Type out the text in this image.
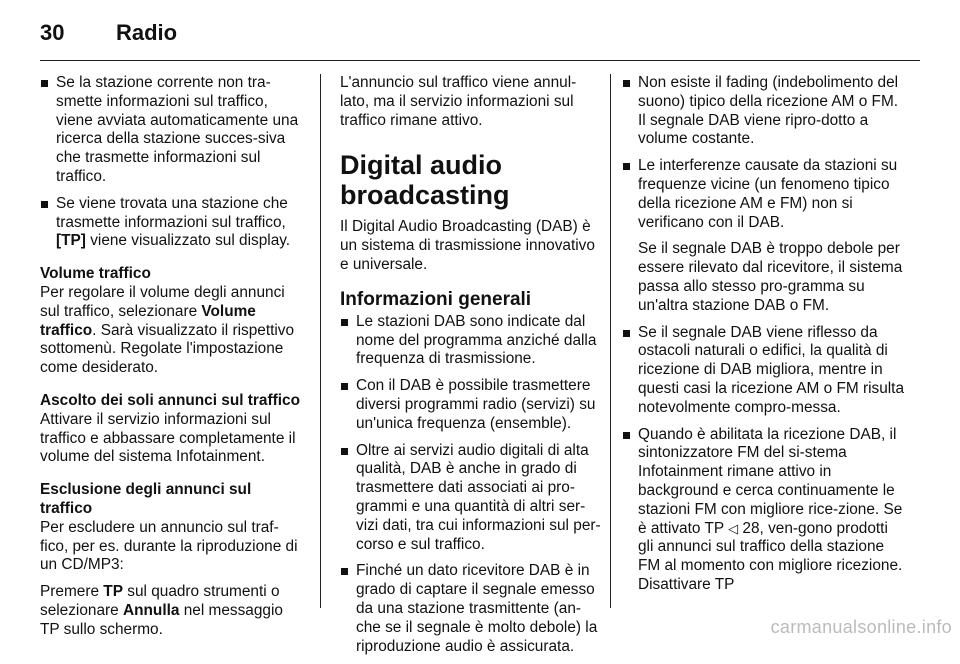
30 Radio
Se la stazione corrente non tra-smette informazioni sul traffico, viene avviata automaticamente una ricerca della stazione succes-siva che trasmette informazioni sul traffico.
Se viene trovata una stazione che trasmette informazioni sul traffico, [TP] viene visualizzato sul display.
Volume traffico
Per regolare il volume degli annunci sul traffico, selezionare Volume traffico. Sarà visualizzato il rispettivo sottomenù. Regolate l'impostazione come desiderato.
Ascolto dei soli annunci sul traffico
Attivare il servizio informazioni sul traffico e abbassare completamente il volume del sistema Infotainment.
Esclusione degli annunci sul traffico
Per escludere un annuncio sul traf-fico, per es. durante la riproduzione di un CD/MP3:
Premere TP sul quadro strumenti o selezionare Annulla nel messaggio TP sullo schermo.
L'annuncio sul traffico viene annul-lato, ma il servizio informazioni sul traffico rimane attivo.
Digital audio broadcasting
Il Digital Audio Broadcasting (DAB) è un sistema di trasmissione innovativo e universale.
Informazioni generali
Le stazioni DAB sono indicate dal nome del programma anziché dalla frequenza di trasmissione.
Con il DAB è possibile trasmettere diversi programmi radio (servizi) su un'unica frequenza (ensemble).
Oltre ai servizi audio digitali di alta qualità, DAB è anche in grado di trasmettere dati associati ai pro-grammi e una quantità di altri ser-vizi dati, tra cui informazioni sul per-corso e sul traffico.
Finché un dato ricevitore DAB è in grado di captare il segnale emesso da una stazione trasmittente (an-che se il segnale è molto debole) la riproduzione audio è assicurata.
Non esiste il fading (indebolimento del suono) tipico della ricezione AM o FM. Il segnale DAB viene ripro-dotto a volume costante.
Le interferenze causate da stazioni su frequenze vicine (un fenomeno tipico della ricezione AM e FM) non si verificano con il DAB.
Se il segnale DAB è troppo debole per essere rilevato dal ricevitore, il sistema passa allo stesso pro-gramma su un'altra stazione DAB o FM.
Se il segnale DAB viene riflesso da ostacoli naturali o edifici, la qualità di ricezione di DAB migliora, mentre in questi casi la ricezione AM o FM risulta notevolmente compro-messa.
Quando è abilitata la ricezione DAB, il sintonizzatore FM del si-stema Infotainment rimane attivo in background e cerca continuamente le stazioni FM con migliore rice-zione. Se è attivato TP ◁ 28, ven-gono prodotti gli annunci sul traffico della stazione FM al momento con migliore ricezione. Disattivare TP
carmanualsonline.info
